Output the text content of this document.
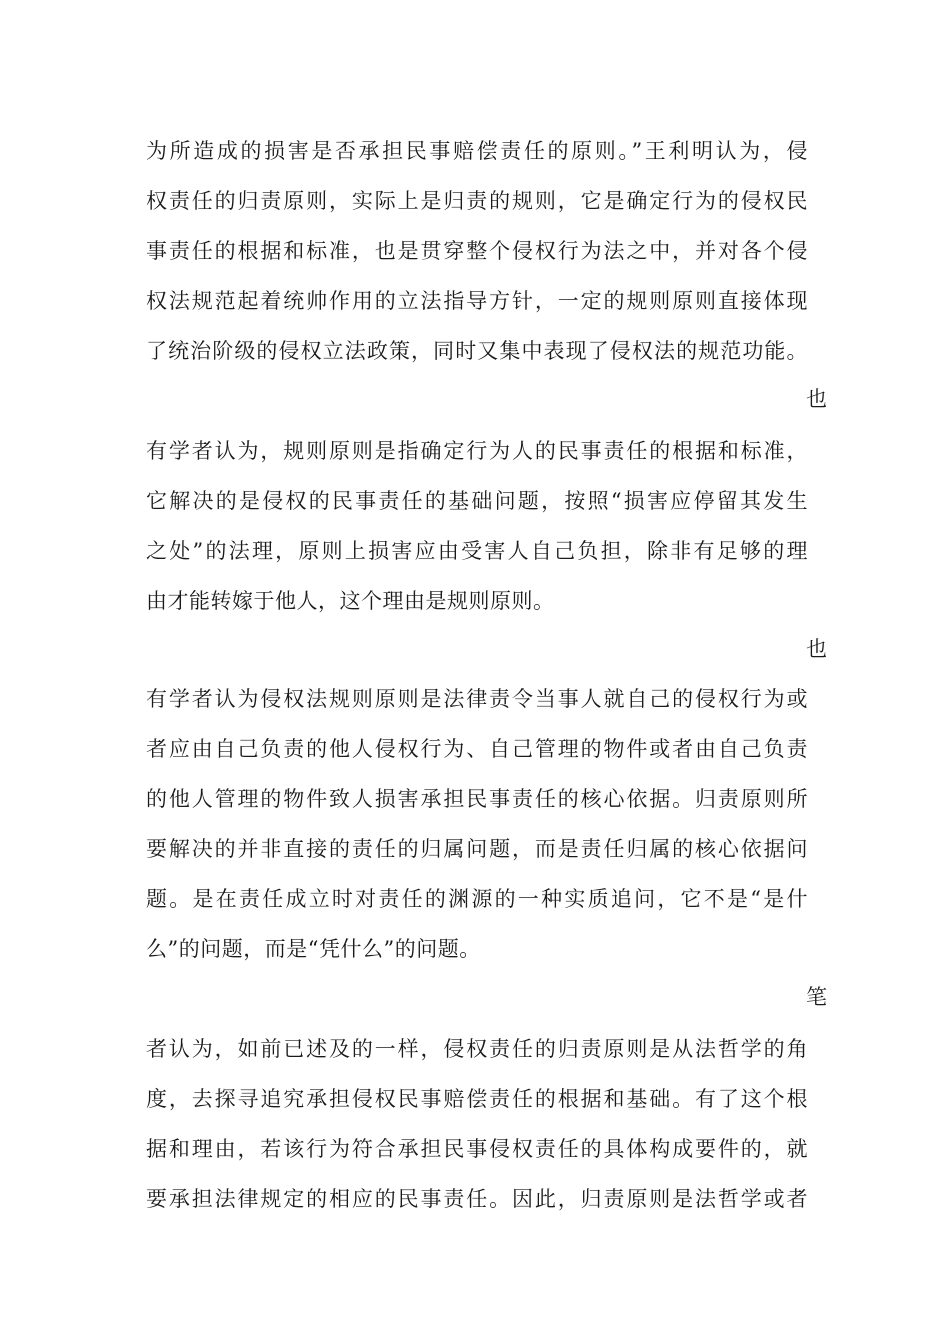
为所造成的损害是否承担民事赔偿责任的原则。”王利明认为，侵
权责任的归责原则，实际上是归责的规则，它是确定行为的侵权民
事责任的根据和标准，也是贯穿整个侵权行为法之中，并对各个侵
权法规范起着统帅作用的立法指导方针，一定的规则原则直接体现
了统治阶级的侵权立法政策，同时又集中表现了侵权法的规范功能。
也
有学者认为，规则原则是指确定行为人的民事责任的根据和标准，
它解决的是侵权的民事责任的基础问题，按照“损害应停留其发生
之处”的法理，原则上损害应由受害人自己负担，除非有足够的理
由才能转嫁于他人，这个理由是规则原则。
也
有学者认为侵权法规则原则是法律责令当事人就自己的侵权行为或
者应由自己负责的他人侵权行为、自己管理的物件或者由自己负责
的他人管理的物件致人损害承担民事责任的核心依据。归责原则所
要解决的并非直接的责任的归属问题，而是责任归属的核心依据问
题。是在责任成立时对责任的渊源的一种实质追问，它不是“是什
么”的问题，而是“凭什么”的问题。
笔
者认为，如前已述及的一样，侵权责任的归责原则是从法哲学的角
度，去探寻追究承担侵权民事赔偿责任的根据和基础。有了这个根
据和理由，若该行为符合承担民事侵权责任的具体构成要件的，就
要承担法律规定的相应的民事责任。因此，归责原则是法哲学或者
